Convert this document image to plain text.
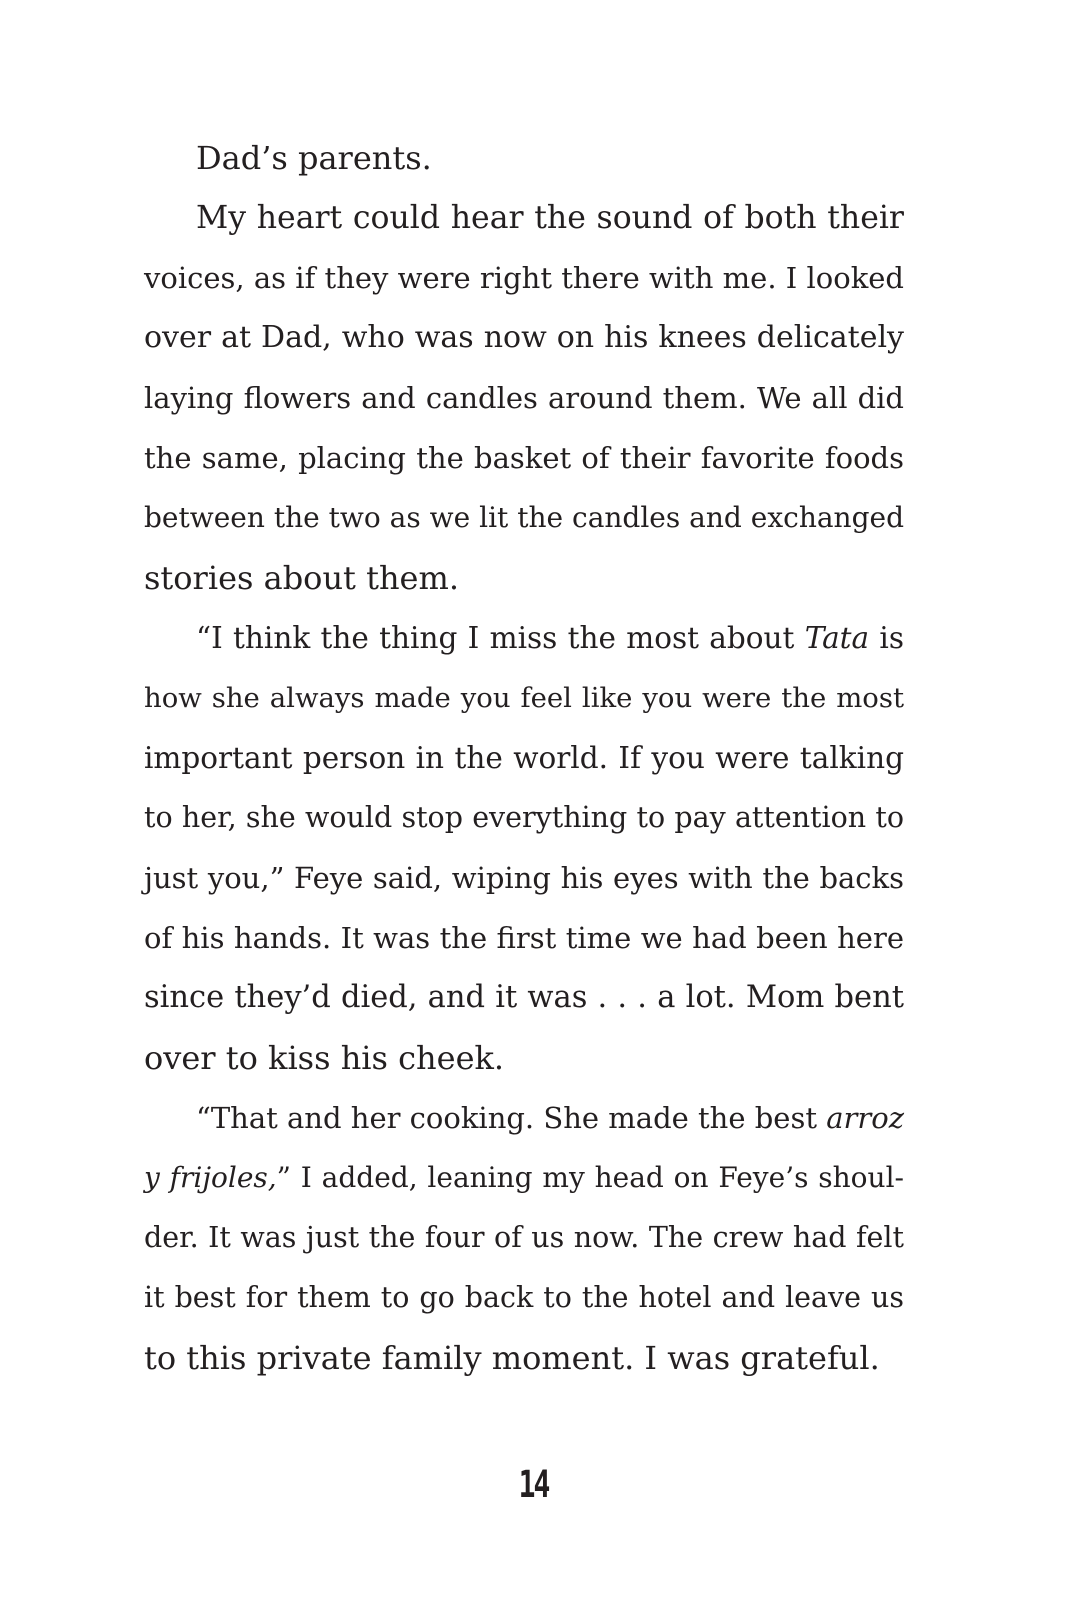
Dad’s parents.
My heart could hear the sound of both their
voices, as if they were right there with me. I looked
over at Dad, who was now on his knees delicately
laying flowers and candles around them. We all did
the same, placing the basket of their favorite foods
between the two as we lit the candles and exchanged
stories about them.
“I think the thing I miss the most about Tata is
how she always made you feel like you were the most
important person in the world. If you were talking
to her, she would stop everything to pay attention to
just you,” Feye said, wiping his eyes with the backs
of his hands. It was the first time we had been here
since they’d died, and it was . . . a lot. Mom bent
over to kiss his cheek.
“That and her cooking. She made the best arroz
y frijoles,” I added, leaning my head on Feye’s shoul-
der. It was just the four of us now. The crew had felt
it best for them to go back to the hotel and leave us
to this private family moment. I was grateful.
14
